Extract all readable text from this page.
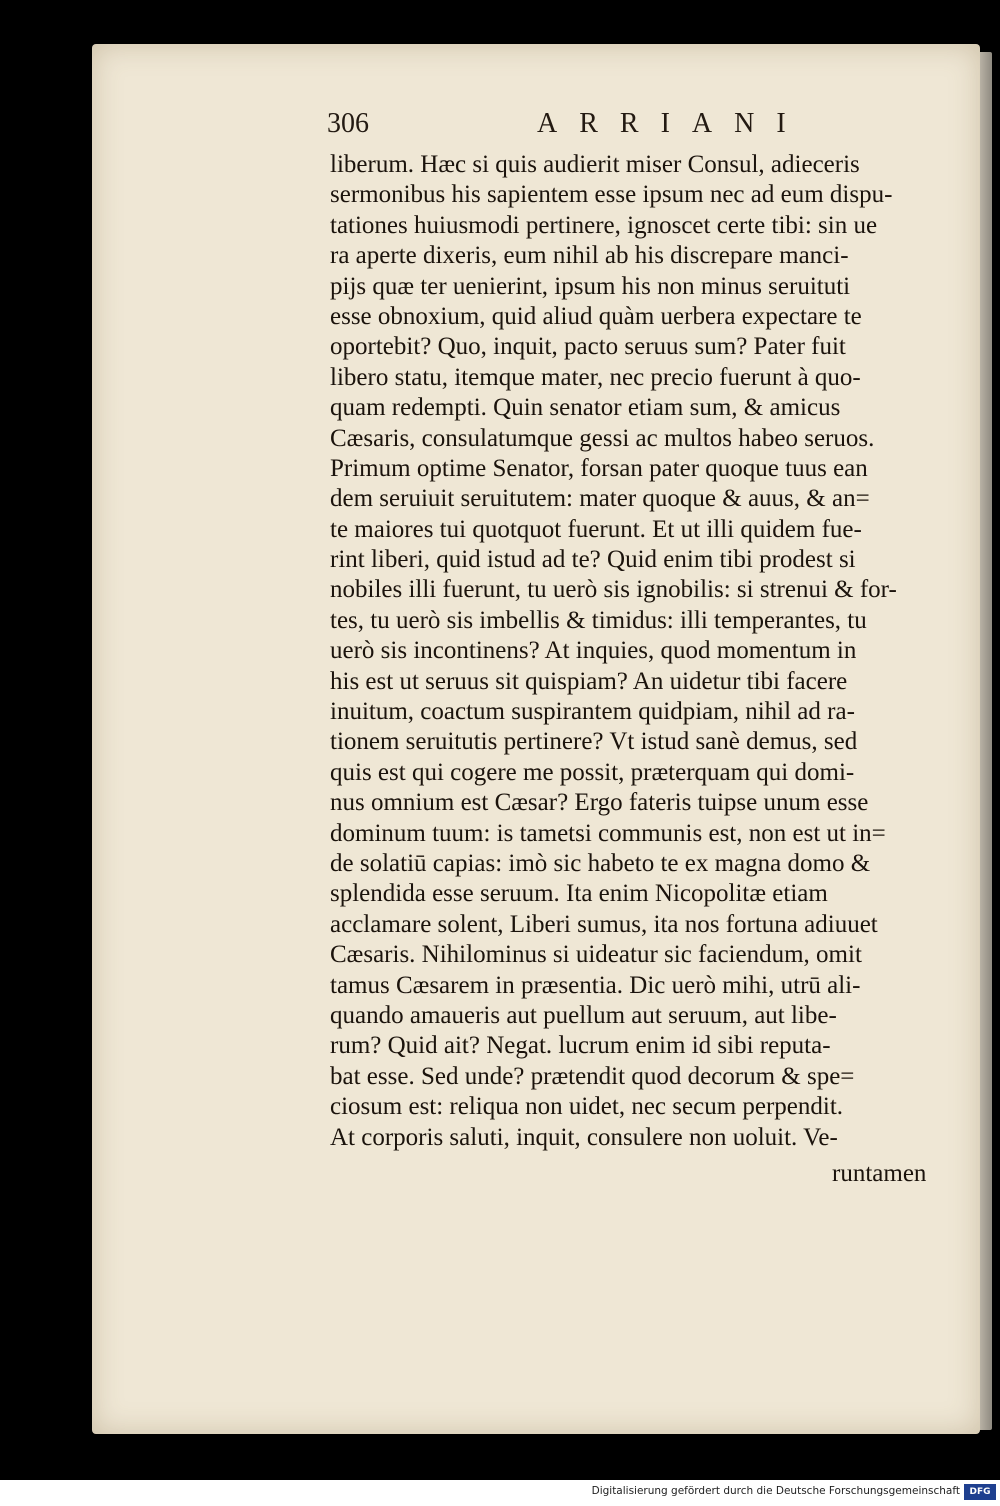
306	ARRIANI
liberum. Hæc si quis audierit miser Consul, adieceris
sermonibus his sapientem esse ipsum nec ad eum dispu-
tationes huiusmodi pertinere, ignoscet certe tibi: sin ue
ra aperte dixeris, eum nihil ab his discrepare manci-
pijs quæ ter uenierint, ipsum his non minus seruituti
esse obnoxium, quid aliud quàm uerbera expectare te
oportebit? Quo, inquit, pacto seruus sum? Pater fuit
libero statu, itemque mater, nec precio fuerunt à quo-
quam redempti. Quin senator etiam sum, & amicus
Cæsaris, consulatumque gessi ac multos habeo seruos.
Primum optime Senator, forsan pater quoque tuus ean
dem seruiuit seruitutem: mater quoque & auus, & an=
te maiores tui quotquot fuerunt. Et ut illi quidem fue-
rint liberi, quid istud ad te? Quid enim tibi prodest si
nobiles illi fuerunt, tu uerò sis ignobilis: si strenui & for-
tes, tu uerò sis imbellis & timidus: illi temperantes, tu
uerò sis incontinens? At inquies, quod momentum in
his est ut seruus sit quispiam? An uidetur tibi facere
inuitum, coactum suspirantem quidpiam, nihil ad ra-
tionem seruitutis pertinere? Vt istud sanè demus, sed
quis est qui cogere me possit, præterquam qui domi-
nus omnium est Cæsar? Ergo fateris tuipse unum esse
dominum tuum: is tametsi communis est, non est ut in=
de solatiū capias: imò sic habeto te ex magna domo &
splendida esse seruum. Ita enim Nicopolitæ etiam
acclamare solent, Liberi sumus, ita nos fortuna adiuuet
Cæsaris. Nihilominus si uideatur sic faciendum, omit
tamus Cæsarem in præsentia. Dic uerò mihi, utrū ali-
quando amaueris aut puellum aut seruum, aut libe-
rum? Quid ait? Negat. lucrum enim id sibi reputa-
bat esse. Sed unde? prætendit quod decorum & spe=
ciosum est: reliqua non uidet, nec secum perpendit.
At corporis saluti, inquit, consulere non uoluit. Ve-
runtamen
Digitalisierung gefördert durch die Deutsche Forschungsgemeinschaft	DFG
